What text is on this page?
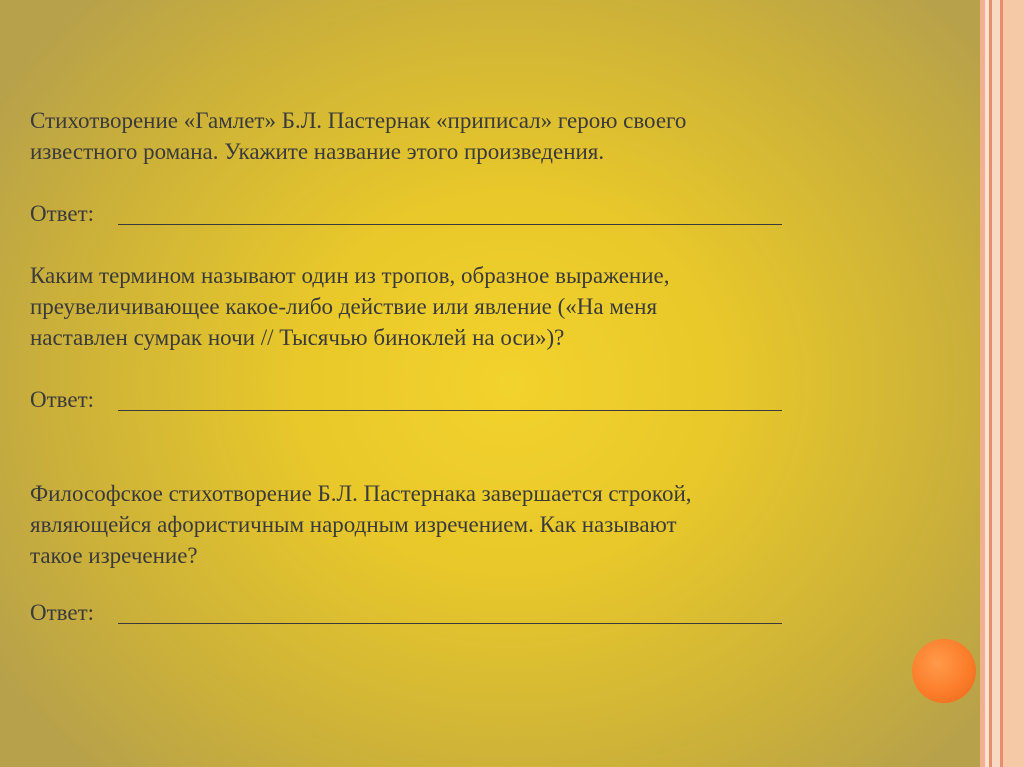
Стихотворение «Гамлет» Б.Л. Пастернак «приписал» герою своего
известного романа. Укажите название этого произведения.

Ответ:

Каким термином называют один из тропов, образное выражение,
преувеличивающее какое-либо действие или явление («На меня
наставлен сумрак ночи // Тысячью биноклей на оси»)?

Ответ:

Философское стихотворение Б.Л. Пастернака завершается строкой,
являющейся афористичным народным изречением. Как называют
такое изречение?

Ответ:
